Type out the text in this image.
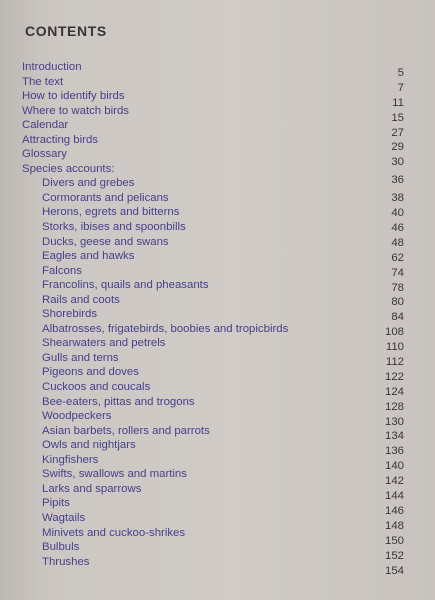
CONTENTS
Introduction
The text
How to identify birds
Where to watch birds
Calendar
Attracting birds
Glossary
Species accounts:
Divers and grebes
Cormorants and pelicans
Herons, egrets and bitterns
Storks, ibises and spoonbills
Ducks, geese and swans
Eagles and hawks
Falcons
Francolins, quails and pheasants
Rails and coots
Shorebirds
Albatrosses, frigatebirds, boobies and tropicbirds
Shearwaters and petrels
Gulls and terns
Pigeons and doves
Cuckoos and coucals
Bee-eaters, pittas and trogons
Woodpeckers
Asian barbets, rollers and parrots
Owls and nightjars
Kingfishers
Swifts, swallows and martins
Larks and sparrows
Pipits
Wagtails
Minivets and cuckoo-shrikes
Bulbuls
Thrushes
5
7
11
15
27
29
30
36
38
40
46
48
62
74
78
80
84
108
110
112
122
124
128
130
134
136
140
142
144
146
148
150
152
154
